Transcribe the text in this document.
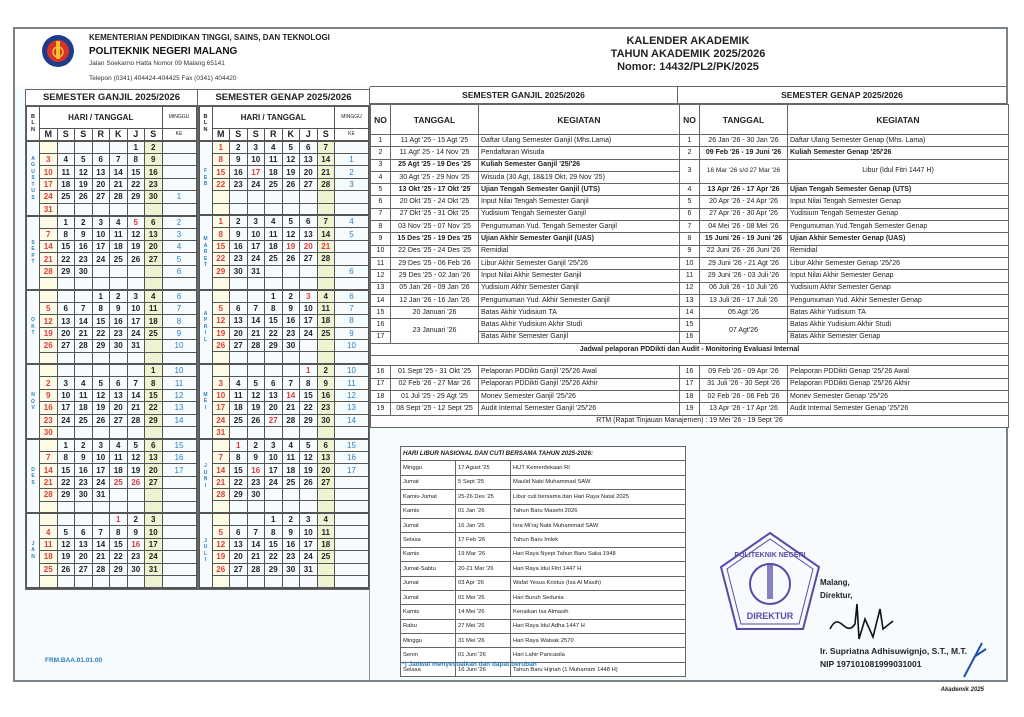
KEMENTERIAN PENDIDIKAN TINGGI, SAINS, DAN TEKNOLOGI
POLITEKNIK NEGERI MALANG
Jalan Soekarno Hatta Nomor 09 Malang 65141
Telepon (0341) 404424-404425 Fax (0341) 404420
SEMESTER GANJIL 2025/2026	SEMESTER GENAP 2025/2026
B
L
N	HARI / TANGGAL							MINGGU
	M	S	S	R	K	J	S	KE
A
G
U
S
T
U
S						1	2	
	3	4	5	6	7	8	9	
	10	11	12	13	14	15	16	
	17	18	19	20	21	22	23	
	24	25	26	27	28	29	30	1
	31							
S
E
P
T		1	2	3	4	5	6	2
	7	8	9	10	11	12	13	3
	14	15	16	17	18	19	20	4
	21	22	23	24	25	26	27	5
	28	29	30					6

O
K
T				1	2	3	4	6
	5	6	7	8	9	10	11	7
	12	13	14	15	16	17	18	8
	19	20	21	22	23	24	25	9
	26	27	28	29	30	31		10

N
O
V							1	10
	2	3	4	5	6	7	8	11
	9	10	11	12	13	14	15	12
	16	17	18	19	20	21	22	13
	23	24	25	26	27	28	29	14
	30							
D
E
S		1	2	3	4	5	6	15
	7	8	9	10	11	12	13	16
	14	15	16	17	18	19	20	17
	21	22	23	24	25	26	27	
	28	29	30	31				

J
A
N					1	2	3	
	4	5	6	7	8	9	10	
	11	12	13	14	15	16	17	
	18	19	20	21	22	23	24	
	25	26	27	28	29	30	31	

B
L
N	HARI / TANGGAL							MINGGU
	M	S	S	R	K	J	S	KE
F
E
B	1	2	3	4	5	6	7	
	8	9	10	11	12	13	14	1
	15	16	17	18	19	20	21	2
	22	23	24	25	26	27	28	3

M
A
R
E
T	1	2	3	4	5	6	7	4
	8	9	10	11	12	13	14	5
	15	16	17	18	19	20	21	
	22	23	24	25	26	27	28	
	29	30	31					6

A
P
R
I
L				1	2	3	4	6
	5	6	7	8	9	10	11	7
	12	13	14	15	16	17	18	8
	19	20	21	22	23	24	25	9
	26	27	28	29	30			10

M
E
I						1	2	10
	3	4	5	6	7	8	9	11
	10	11	12	13	14	15	16	12
	17	18	19	20	21	22	23	13
	24	25	26	27	28	29	30	14
	31							
J
U
N
I		1	2	3	4	5	6	15
	7	8	9	10	11	12	13	16
	14	15	16	17	18	19	20	17
	21	22	23	24	25	26	27	
	28	29	30					

J
U
L
I				1	2	3	4	
	5	6	7	8	9	10	11	
	12	13	14	15	16	17	18	
	19	20	21	22	23	24	25	
	26	27	28	29	30	31		

FRM.BAA.01.01.00
KALENDER AKADEMIK
TAHUN AKADEMIK 2025/2026
Nomor: 14432/PL2/PK/2025
SEMESTER GANJIL 2025/2026	SEMESTER GENAP 2025/2026
NO	TANGGAL	KEGIATAN	NO	TANGGAL	KEGIATAN
1	11 Agt '25 - 15 Agt '25	Daftar Ulang Semester Ganjil (Mhs.Lama)	1	26 Jan '26 - 30 Jan '26	Daftar Ulang Semester Genap (Mhs. Lama)
2	11 Agt' 25 - 14 Nov '25	Pendaftaran Wisuda	2	09 Feb '26 - 19 Juni '26	Kuliah Semester Genap '25/'26
3	25 Agt '25 - 19 Des '25	Kuliah Semester Ganjil '25/'26	3	16 Mar '26 s/d 27 Mar '26	Libur (Idul Fitri 1447 H)
4	30 Agt '25 - 29 Nov '25	Wisuda (30 Agt, 18&19 Okt, 29 Nov '25)			
5	13 Okt '25 - 17 Okt '25	Ujian Tengah Semester Ganjil (UTS)	4	13 Apr '26 - 17 Apr '26	Ujian Tengah Semester Genap (UTS)
6	20 Okt '25 - 24 Okt '25	Input Nilai Tengah Semester Ganjil	5	20 Apr '26 - 24 Apr '26	Input Nilai Tengah Semester Genap
7	27 Okt '25 - 31 Okt '25	Yudisium Tengah Semester Ganjil	6	27 Apr '26 - 30 Apr '26	Yudisium Tengah Semester Genap
8	03 Nov '25 - 07 Nov '25	Pengumuman Yud. Tengah Semester Ganjil	7	04 Mei '26 - 08 Mei '26	Pengumuman Yud.Tengah Semester Genap
9	15 Des '25 - 19 Des '25	Ujian Akhir Semester Ganjil (UAS)	8	15 Juni '26 - 19 Juni '26	Ujian Akhir Semester Genap (UAS)
10	22 Des '25 - 24 Des '25	Remidial	9	22 Juni '26 - 26 Juni '26	Remidial
11	29 Des '25 - 06 Feb '26	Libur Akhir Semester Ganjil '25/'26	10	29 Juni '26 - 21 Agt '26	Libur Akhir Semester Genap '25/'26
12	29 Des '25 - 02 Jan '26	Input Nilai Akhir Semester Ganjil	11	29 Juni '26 - 03 Juli '26	Input Nilai Akhir Semester Genap
13	05 Jan '26 - 09 Jan '26	Yudisium Akhir Semester Ganjil	12	06 Juli '26 - 10 Juli '26	Yudisium Akhir Semester Genap
14	12 Jan '26 - 16 Jan '26	Pengumuman Yud. Akhir Semester Ganjil	13	13 Juli '26 - 17 Juli '26	Pengumuman Yud. Akhir Semester Genap
15	20 Januari '26	Batas Akhir Yudisium TA	14	05 Agt '26	Batas Akhir Yudisium TA
16	23 Januari '26	Batas Akhir Yudisium Akhir Studi	15	07 Agt'26	Batas Akhir Yudisium Akhir Studi
17		Batas Akhir Semester Ganjil	16		Batas Akhir Semester Genap
Jadwal pelaporan PDDikti dan Audit - Monitoring Evaluasi Internal					

16	01 Sept '25 - 31 Okt '25	Pelaporan PDDikti Ganjil '25/'26 Awal	16	09 Feb '26 - 09 Apr '26	Pelaporan PDDikti Genap '25/'26 Awal
17	02 Feb '26 - 27 Mar '26	Pelaporan PDDikti Ganjil '25/'26 Akhir	17	31 Juli '26 - 30 Sept '26	Pelaporan PDDikti Genap '25/'26 Akhir
18	01 Jul '25 - 29 Agt '25	Monev Semester Ganjil '25/'26	18	02 Feb '26 - 06 Feb '26	Monev Semester Genap '25/'26
19	08 Sept '25 - 12 Sept '25	Audit Internal Semester Ganjil '25/'26	19	13 Apr '26 - 17 Apr '26	Audit Internal Semester Genap '25/'26
RTM (Rapat Tinjauan Manajemen) : 19 Mei '26 - 19 Sept '26					
HARI LIBUR NASIONAL DAN CUTI BERSAMA TAHUN 2025-2026:		
Minggu	17 Agust '25	HUT Kemerdekaan RI
Jumat	5 Sept '25	Maulid Nabi Muhammad SAW
Kamis-Jumat	25-26 Des '25	Libur cuti bersama dan Hari Raya Natal 2025
Kamis	01 Jan '26	Tahun Baru Masehi 2026
Jumat	16 Jan '26	Isra Mi'raj Nabi Muhammad SAW
Selasa	17 Feb '26	Tahun Baru Imlek
Kamis	19 Mar '26	Hari Raya Nyepi Tahun Baru Saka 1948
Jumat-Sabtu	20-21 Mar '26	Hari Raya Idul Fitri 1447 H
Jumat	03 Apr '26	Wafat Yesus Kristus (Isa Al Masih)
Jumat	01 Mei '26	Hari Buruh Sedunia
Kamis	14 Mei '26	Kenaikan Isa Almasih
Rabu	27 Mei '26	Hari Raya Idul Adha 1447 H
Minggu	31 Mei '26	Hari Raya Waisak 2570
Senin	01 Juni '26	Hari Lahir Pancasila
Selasa	16 Juni '26	Tahun Baru Hijriah (1 Muharram 1448 H)
*) Jadwal menyesuaikan dan dapat berubah
POLITEKNIK NEGERI
DIREKTUR
Malang,
Direktur,
Ir. Supriatna Adhisuwignjo, S.T., M.T.
NIP 197101081999031001
Akademik 2025
